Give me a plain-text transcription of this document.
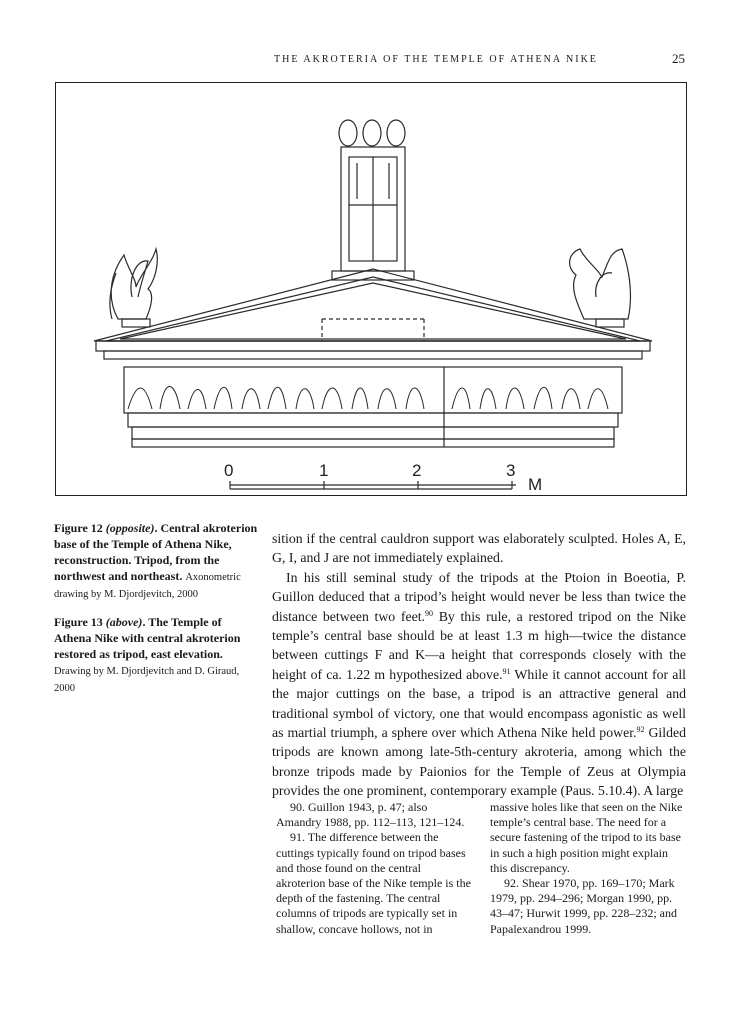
THE AKROTERIA OF THE TEMPLE OF ATHENA NIKE	25
0	1	2	3
M

Figure 12 (opposite). Central akroterion base of the Temple of Athena Nike, reconstruction. Tripod, from the northwest and northeast. Axonometric drawing by M. Djordjevitch, 2000

Figure 13 (above). The Temple of Athena Nike with central akroterion restored as tripod, east elevation. Drawing by M. Djordjevitch and D. Giraud, 2000

sition if the central cauldron support was elaborately sculpted. Holes A, E, G, I, and J are not immediately explained.

In his still seminal study of the tripods at the Ptoion in Boeotia, P. Guillon deduced that a tripod’s height would never be less than twice the distance between two feet.$^{90}$ By this rule, a restored tripod on the Nike temple’s central base should be at least 1.3 m high—twice the distance between cuttings F and K—a height that corresponds closely with the height of ca. 1.22 m hypothesized above.$^{91}$ While it cannot account for all the major cuttings on the base, a tripod is an attractive general and traditional symbol of victory, one that would encompass agonistic as well as martial triumph, a sphere over which Athena Nike held power.$^{92}$ Gilded tripods are known among late-5th-century akroteria, among which the bronze tripods made by Paionios for the Temple of Zeus at Olympia provides the one prominent, contemporary example (Paus. 5.10.4). A large

90. Guillon 1943, p. 47; also Amandry 1988, pp. 112–113, 121–124.

91. The difference between the cuttings typically found on tripod bases and those found on the central akroterion base of the Nike temple is the depth of the fastening. The central columns of tripods are typically set in shallow, concave hollows, not in

massive holes like that seen on the Nike temple’s central base. The need for a secure fastening of the tripod to its base in such a high position might explain this discrepancy.

92. Shear 1970, pp. 169–170; Mark 1979, pp. 294–296; Morgan 1990, pp. 43–47; Hurwit 1999, pp. 228–232; and Papalexandrou 1999.
